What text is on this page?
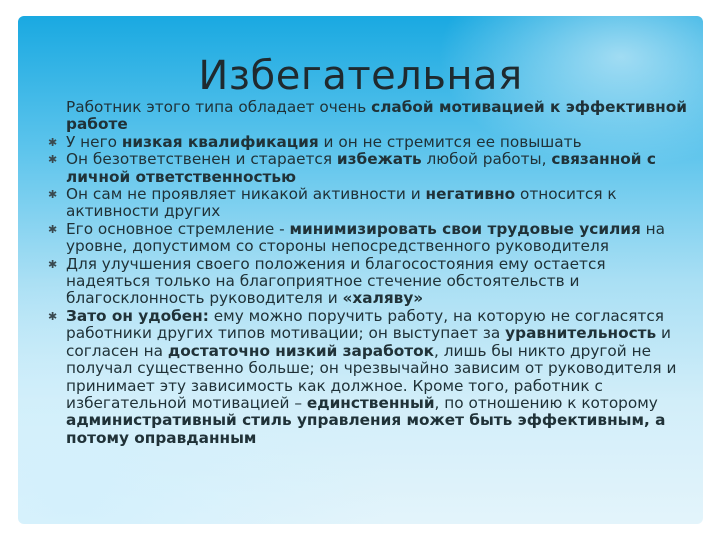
Избегательная

Работник этого типа обладает очень слабой мотивацией к эффективной работе

✱ У него низкая квалификация и он не стремится ее повышать
✱ Он безответственен и старается избежать любой работы, связанной с личной ответственностью
✱ Он сам не проявляет никакой активности и негативно относится к активности других
✱ Его основное стремление - минимизировать свои трудовые усилия на уровне, допустимом со стороны непосредственного руководителя
✱ Для улучшения своего положения и благосостояния ему остается надеяться только на благоприятное стечение обстоятельств и благосклонность руководителя и «халяву»
✱ Зато он удобен: ему можно поручить работу, на которую не согласятся работники других типов мотивации; он выступает за уравнительность и согласен на достаточно низкий заработок, лишь бы никто другой не получал существенно больше; он чрезвычайно зависим от руководителя и принимает эту зависимость как должное. Кроме того, работник с избегательной мотивацией – единственный, по отношению к которому административный стиль управления может быть эффективным, а потому оправданным
